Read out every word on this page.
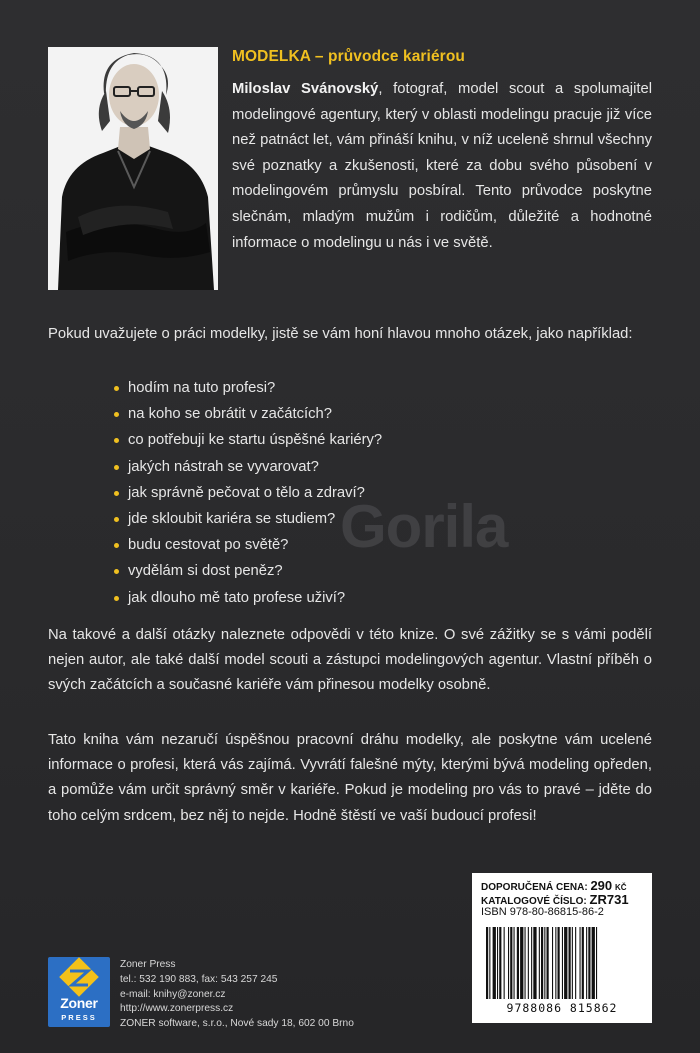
MODELKA – průvodce kariérou
Miloslav Svánovský, fotograf, model scout a spolumajitel modelingové agentury, který v oblasti modelingu pracuje již více než patnáct let, vám přináší knihu, v níž uceleně shrnul všechny své poznatky a zkušenosti, které za dobu svého působení v modelingovém průmyslu posbíral. Tento průvodce poskytne slečnám, mladým mužům i rodičům, důležité a hodnotné informace o modelingu u nás i ve světě.
Pokud uvažujete o práci modelky, jistě se vám honí hlavou mnoho otázek, jako například:
hodím na tuto profesi?
na koho se obrátit v začátcích?
co potřebuji ke startu úspěšné kariéry?
jakých nástrah se vyvarovat?
jak správně pečovat o tělo a zdraví?
jde skloubit kariéra se studiem?
budu cestovat po světě?
vydělám si dost peněz?
jak dlouho mě tato profese uživí?
Gorila
Na takové a další otázky naleznete odpovědi v této knize. O své zážitky se s vámi podělí nejen autor, ale také další model scouti a zástupci modelingových agentur. Vlastní příběh o svých začátcích a současné kariéře vám přinesou modelky osobně.
Tato kniha vám nezaručí úspěšnou pracovní dráhu modelky, ale poskytne vám ucelené informace o profesi, která vás zajímá. Vyvrátí falešné mýty, kterými bývá modeling opředen, a pomůže vám určit správný směr v kariéře. Pokud je modeling pro vás to pravé – jděte do toho celým srdcem, bez něj to nejde. Hodně štěstí ve vaší budoucí profesi!
DOPORUČENÁ CENA: 290 KČ
KATALOGOVÉ ČÍSLO: ZR731
ISBN 978-80-86815-86-2
9788086 815862
Zoner
PRESS
Zoner Press
tel.: 532 190 883, fax: 543 257 245
e-mail: knihy@zoner.cz
http://www.zonerpress.cz
ZONER software, s.r.o., Nové sady 18, 602 00 Brno
